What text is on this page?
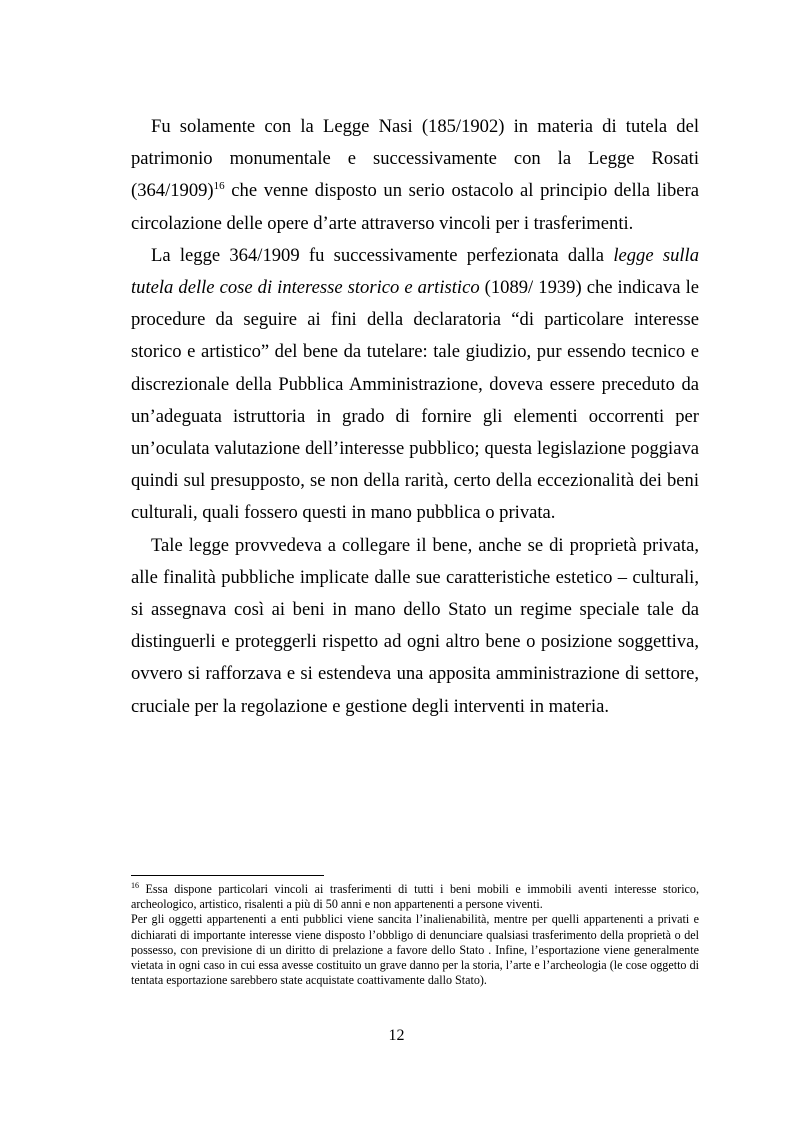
Fu solamente con la Legge Nasi (185/1902) in materia di tutela del patrimonio monumentale e successivamente con la Legge Rosati $(364/1909)^{16}$ che venne disposto un serio ostacolo al principio della libera circolazione delle opere d’arte attraverso vincoli per i trasferimenti.

La legge 364/1909 fu successivamente perfezionata dalla legge sulla tutela delle cose di interesse storico e artistico (1089/ 1939) che indicava le procedure da seguire ai fini della declaratoria “di particolare interesse storico e artistico” del bene da tutelare: tale giudizio, pur essendo tecnico e discrezionale della Pubblica Amministrazione, doveva essere preceduto da un’adeguata istruttoria in grado di fornire gli elementi occorrenti per un’oculata valutazione dell’interesse pubblico; questa legislazione poggiava quindi sul presupposto, se non della rarità, certo della eccezionalità dei beni culturali, quali fossero questi in mano pubblica o privata.

Tale legge provvedeva a collegare il bene, anche se di proprietà privata, alle finalità pubbliche implicate dalle sue caratteristiche estetico – culturali, si assegnava così ai beni in mano dello Stato un regime speciale tale da distinguerli e proteggerli rispetto ad ogni altro bene o posizione soggettiva, ovvero si rafforzava e si estendeva una apposita amministrazione di settore, cruciale per la regolazione e gestione degli interventi in materia.

$^{16}$ Essa dispone particolari vincoli ai trasferimenti di tutti i beni mobili e immobili aventi interesse storico, archeologico, artistico, risalenti a più di 50 anni e non appartenenti a persone viventi.

Per gli oggetti appartenenti a enti pubblici viene sancita l’inalienabilità, mentre per quelli appartenenti a privati e dichiarati di importante interesse viene disposto l’obbligo di denunciare qualsiasi trasferimento della proprietà o del possesso, con previsione di un diritto di prelazione a favore dello Stato . Infine, l’esportazione viene generalmente vietata in ogni caso in cui essa avesse costituito un grave danno per la storia, l’arte e l’archeologia (le cose oggetto di tentata esportazione sarebbero state acquistate coattivamente dallo Stato).

12
